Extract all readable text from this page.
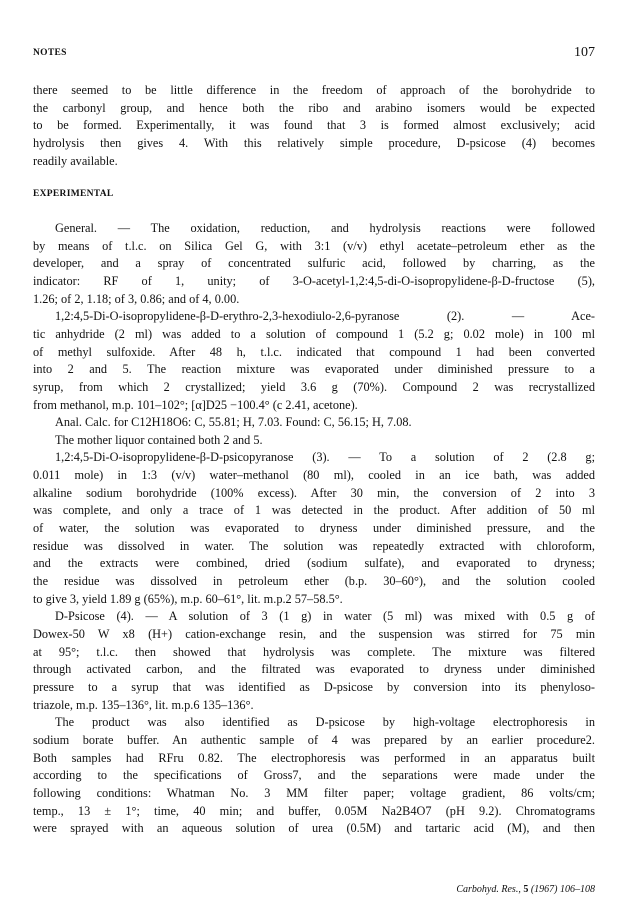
NOTES	107
there seemed to be little difference in the freedom of approach of the borohydride to
the carbonyl group, and hence both the ribo and arabino isomers would be expected
to be formed. Experimentally, it was found that 3 is formed almost exclusively; acid
hydrolysis then gives 4. With this relatively simple procedure, D-psicose (4) becomes
readily available.
EXPERIMENTAL
General. — The oxidation, reduction, and hydrolysis reactions were followed
by means of t.l.c. on Silica Gel G, with 3:1 (v/v) ethyl acetate–petroleum ether as the
developer, and a spray of concentrated sulfuric acid, followed by charring, as the
indicator: RF of 1, unity; of 3-O-acetyl-1,2:4,5-di-O-isopropylidene-β-D-fructose (5),
1.26; of 2, 1.18; of 3, 0.86; and of 4, 0.00.
1,2:4,5-Di-O-isopropylidene-β-D-erythro-2,3-hexodiulo-2,6-pyranose (2). — Ace-
tic anhydride (2 ml) was added to a solution of compound 1 (5.2 g; 0.02 mole) in 100 ml
of methyl sulfoxide. After 48 h, t.l.c. indicated that compound 1 had been converted
into 2 and 5. The reaction mixture was evaporated under diminished pressure to a
syrup, from which 2 crystallized; yield 3.6 g (70%). Compound 2 was recrystallized
from methanol, m.p. 101–102°; [α]D25 −100.4° (c 2.41, acetone).
Anal. Calc. for C12H18O6: C, 55.81; H, 7.03. Found: C, 56.15; H, 7.08.
The mother liquor contained both 2 and 5.
1,2:4,5-Di-O-isopropylidene-β-D-psicopyranose (3). — To a solution of 2 (2.8 g;
0.011 mole) in 1:3 (v/v) water–methanol (80 ml), cooled in an ice bath, was added
alkaline sodium borohydride (100% excess). After 30 min, the conversion of 2 into 3
was complete, and only a trace of 1 was detected in the product. After addition of 50 ml
of water, the solution was evaporated to dryness under diminished pressure, and the
residue was dissolved in water. The solution was repeatedly extracted with chloroform,
and the extracts were combined, dried (sodium sulfate), and evaporated to dryness;
the residue was dissolved in petroleum ether (b.p. 30–60°), and the solution cooled
to give 3, yield 1.89 g (65%), m.p. 60–61°, lit. m.p.2 57–58.5°.
D-Psicose (4). — A solution of 3 (1 g) in water (5 ml) was mixed with 0.5 g of
Dowex-50 W x8 (H+) cation-exchange resin, and the suspension was stirred for 75 min
at 95°; t.l.c. then showed that hydrolysis was complete. The mixture was filtered
through activated carbon, and the filtrated was evaporated to dryness under diminished
pressure to a syrup that was identified as D-psicose by conversion into its phenyloso-
triazole, m.p. 135–136°, lit. m.p.6 135–136°.
The product was also identified as D-psicose by high-voltage electrophoresis in
sodium borate buffer. An authentic sample of 4 was prepared by an earlier procedure2.
Both samples had RFru 0.82. The electrophoresis was performed in an apparatus built
according to the specifications of Gross7, and the separations were made under the
following conditions: Whatman No. 3 MM filter paper; voltage gradient, 86 volts/cm;
temp., 13 ± 1°; time, 40 min; and buffer, 0.05M Na2B4O7 (pH 9.2). Chromatograms
were sprayed with an aqueous solution of urea (0.5M) and tartaric acid (M), and then
Carbohyd. Res., 5 (1967) 106–108
